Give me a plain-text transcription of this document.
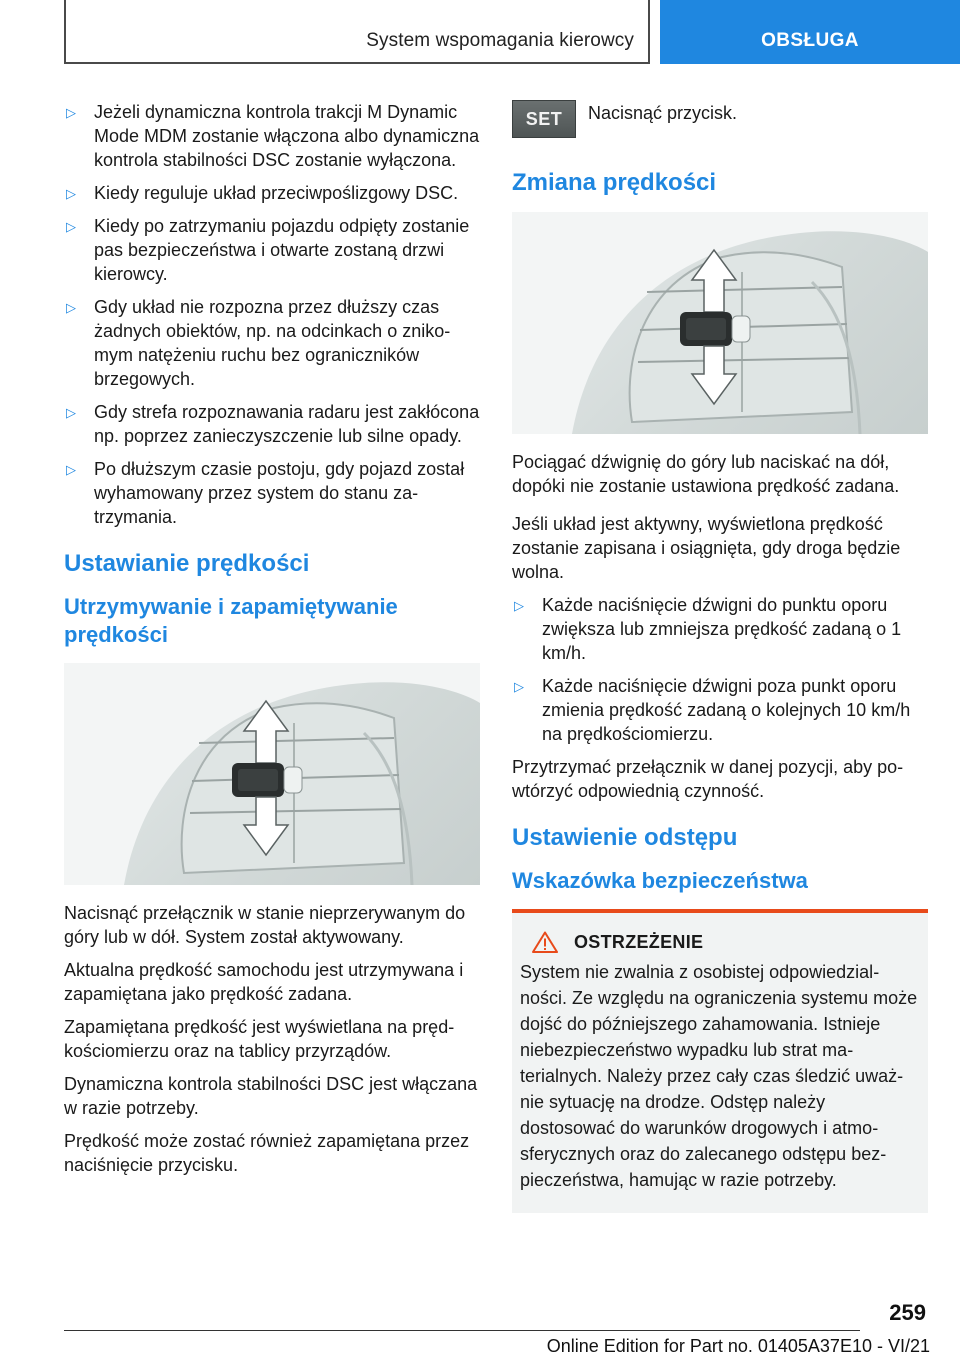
System wspomagania kierowcy	OBSŁUGA
▷ Jeżeli dynamiczna kontrola trakcji M Dynamic Mode MDM zostanie włączona albo dynamiczna kontrola stabilności DSC zostanie wyłączona.
▷ Kiedy reguluje układ przeciwpoślizgowy DSC.
▷ Kiedy po zatrzymaniu pojazdu odpięty zostanie pas bezpieczeństwa i otwarte zostaną drzwi kierowcy.
▷ Gdy układ nie rozpozna przez dłuższy czas żadnych obiektów, np. na odcinkach o znikomym natężeniu ruchu bez ograniczników brzegowych.
▷ Gdy strefa rozpoznawania radaru jest zakłócona np. poprzez zanieczyszczenie lub silne opady.
▷ Po dłuższym czasie postoju, gdy pojazd został wyhamowany przez system do stanu zatrzymania.
Ustawianie prędkości
Utrzymywanie i zapamiętywanie prędkości

Nacisnąć przełącznik w stanie nieprzerywanym do góry lub w dół. System został aktywowany.

Aktualna prędkość samochodu jest utrzymywana i zapamiętana jako prędkość zadana.

Zapamiętana prędkość jest wyświetlana na prędkościomierzu oraz na tablicy przyrządów.

Dynamiczna kontrola stabilności DSC jest włączana w razie potrzeby.

Prędkość może zostać również zapamiętana przez naciśnięcie przycisku.

SET	Nacisnąć przycisk.

Zmiana prędkości

Pociągać dźwignię do góry lub naciskać na dół, dopóki nie zostanie ustawiona prędkość zadana.

Jeśli układ jest aktywny, wyświetlona prędkość zostanie zapisana i osiągnięta, gdy droga będzie wolna.

▷ Każde naciśnięcie dźwigni do punktu oporu zwiększa lub zmniejsza prędkość zadaną o 1 km/h.
▷ Każde naciśnięcie dźwigni poza punkt oporu zmienia prędkość zadaną o kolejnych 10 km/h na prędkościomierzu.

Przytrzymać przełącznik w danej pozycji, aby powtórzyć odpowiednią czynność.

Ustawienie odstępu
Wskazówka bezpieczeństwa
OSTRZEŻENIE

System nie zwalnia z osobistej odpowiedzialności. Ze względu na ograniczenia systemu może dojść do późniejszego zahamowania. Istnieje niebezpieczeństwo wypadku lub strat materialnych. Należy przez cały czas śledzić uważnie sytuację na drodze. Odstęp należy dostosować do warunków drogowych i atmosferycznych oraz do zalecanego odstępu bezpieczeństwa, hamując w razie potrzeby.

259
Online Edition for Part no. 01405A37E10 - VI/21
